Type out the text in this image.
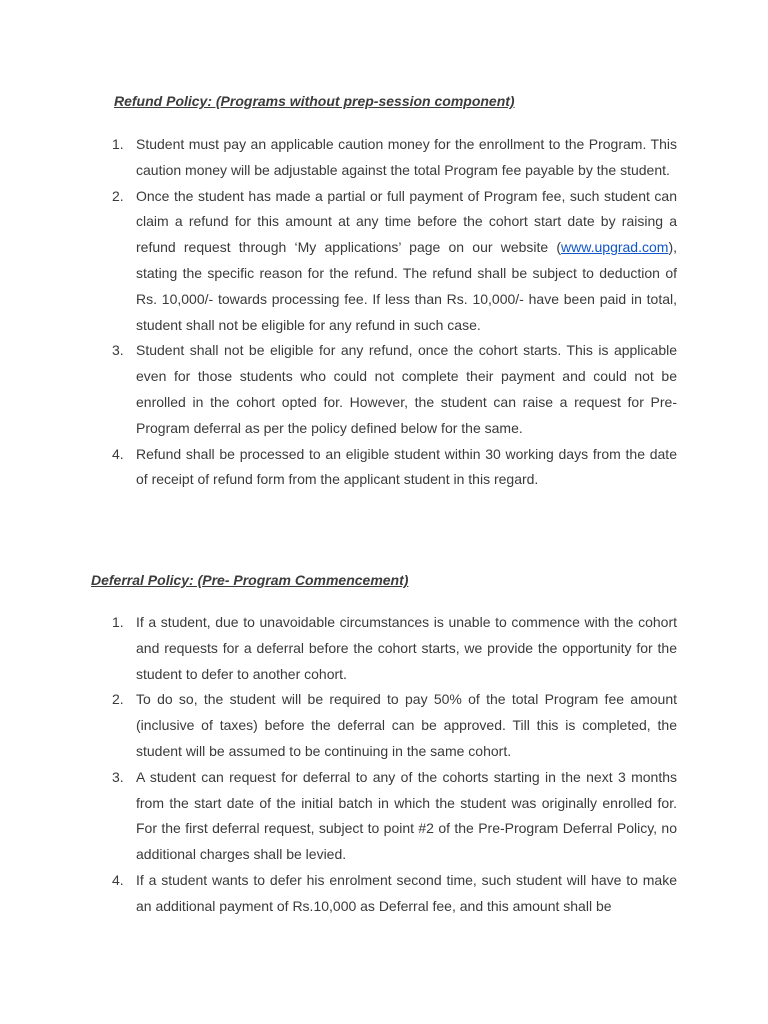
Refund Policy: (Programs without prep-session component)
1. Student must pay an applicable caution money for the enrollment to the Program. This caution money will be adjustable against the total Program fee payable by the student.
2. Once the student has made a partial or full payment of Program fee, such student can claim a refund for this amount at any time before the cohort start date by raising a refund request through ‘My applications’ page on our website (www.upgrad.com), stating the specific reason for the refund. The refund shall be subject to deduction of Rs. 10,000/- towards processing fee. If less than Rs. 10,000/- have been paid in total, student shall not be eligible for any refund in such case.
3. Student shall not be eligible for any refund, once the cohort starts. This is applicable even for those students who could not complete their payment and could not be enrolled in the cohort opted for. However, the student can raise a request for Pre-Program deferral as per the policy defined below for the same.
4. Refund shall be processed to an eligible student within 30 working days from the date of receipt of refund form from the applicant student in this regard.
Deferral Policy: (Pre- Program Commencement)
1. If a student, due to unavoidable circumstances is unable to commence with the cohort and requests for a deferral before the cohort starts, we provide the opportunity for the student to defer to another cohort.
2. To do so, the student will be required to pay 50% of the total Program fee amount (inclusive of taxes) before the deferral can be approved. Till this is completed, the student will be assumed to be continuing in the same cohort.
3. A student can request for deferral to any of the cohorts starting in the next 3 months from the start date of the initial batch in which the student was originally enrolled for. For the first deferral request, subject to point #2 of the Pre-Program Deferral Policy, no additional charges shall be levied.
4. If a student wants to defer his enrolment second time, such student will have to make an additional payment of Rs.10,000 as Deferral fee, and this amount shall be
